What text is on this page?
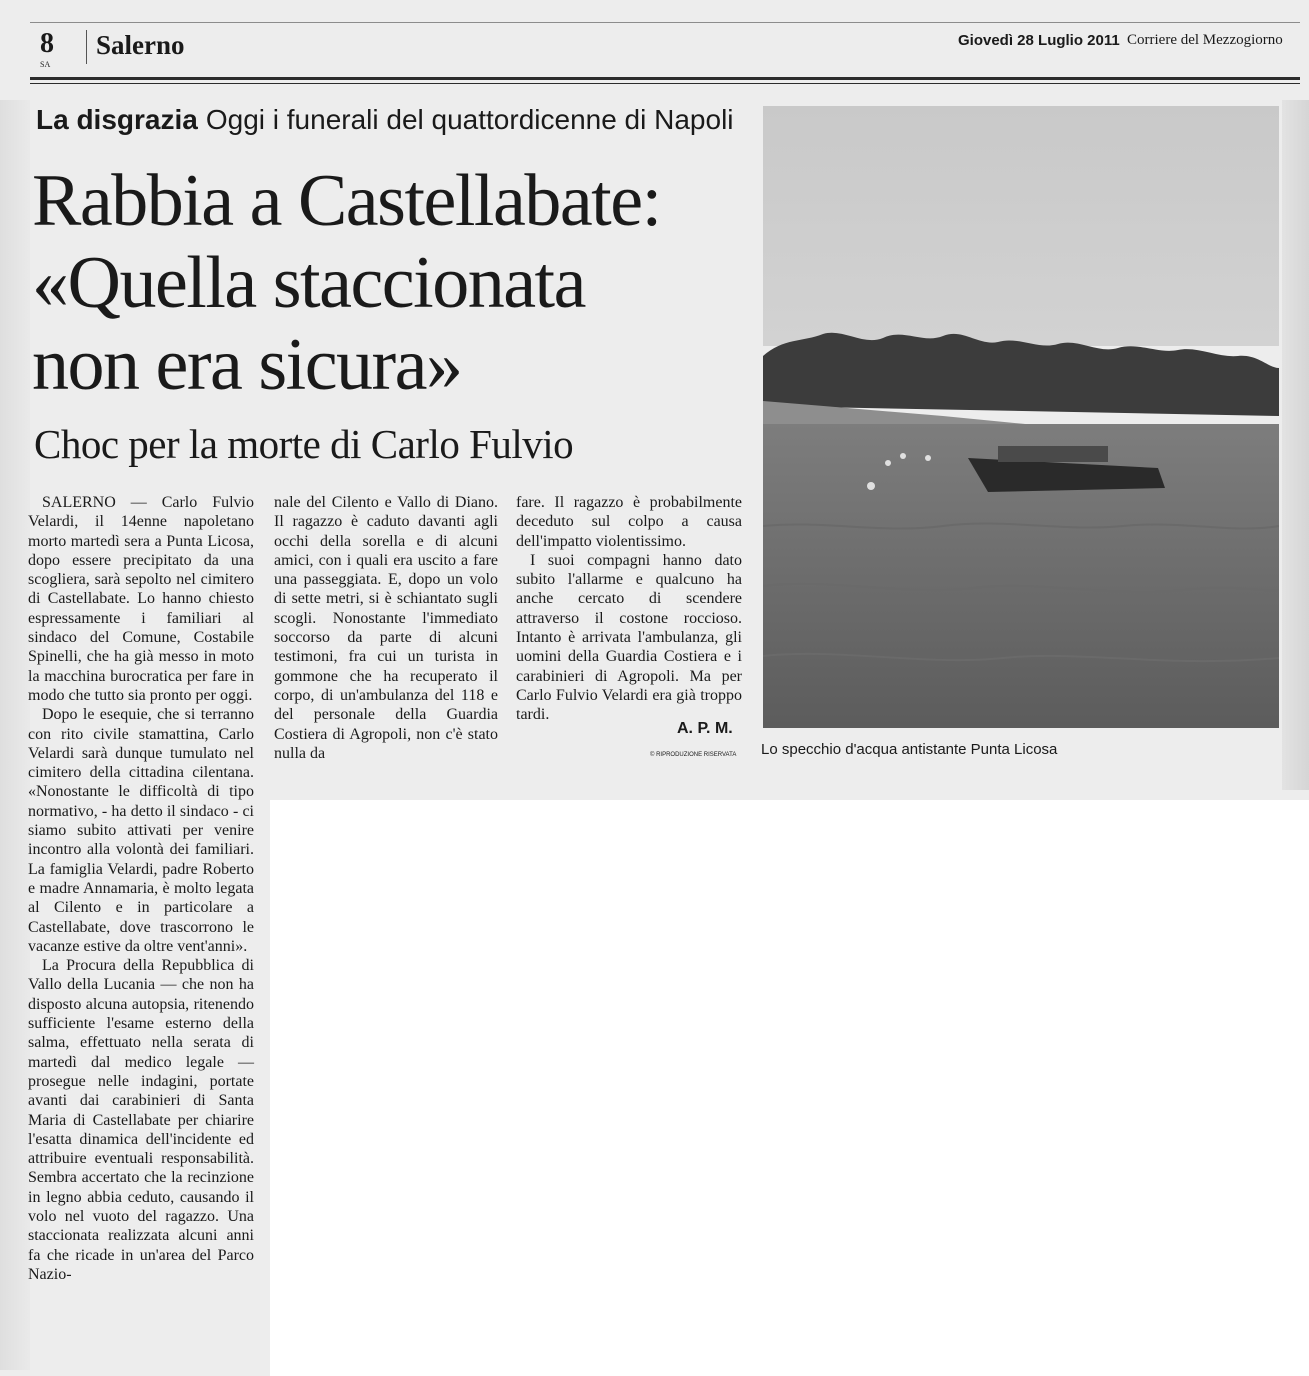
8
SA
Salerno	Giovedì 28 Luglio 2011 Corriere del Mezzogiorno
La disgrazia Oggi i funerali del quattordicenne di Napoli
Rabbia a Castellabate:
«Quella staccionata
non era sicura»
Choc per la morte di Carlo Fulvio

SALERNO — Carlo Fulvio Velardi, il 14enne napoletano morto martedì sera a Punta Licosa, dopo essere precipitato da una scogliera, sarà sepolto nel cimitero di Castellabate. Lo hanno chiesto espressamente i familiari al sindaco del Comune, Costabile Spinelli, che ha già messo in moto la macchina burocratica per fare in modo che tutto sia pronto per oggi.

Dopo le esequie, che si terranno con rito civile stamattina, Carlo Velardi sarà dunque tumulato nel cimitero della cittadina cilentana. «Nonostante le difficoltà di tipo normativo, - ha detto il sindaco - ci siamo subito attivati per venire incontro alla volontà dei familiari. La famiglia Velardi, padre Roberto e madre Annamaria, è molto legata al Cilento e in particolare a Castellabate, dove trascorrono le vacanze estive da oltre vent'anni».

La Procura della Repubblica di Vallo della Lucania — che non ha disposto alcuna autopsia, ritenendo sufficiente l'esame esterno della salma, effettuato nella serata di martedì dal medico legale — prosegue nelle indagini, portate avanti dai carabinieri di Santa Maria di Castellabate per chiarire l'esatta dinamica dell'incidente ed attribuire eventuali responsabilità. Sembra accertato che la recinzione in legno abbia ceduto, causando il volo nel vuoto del ragazzo. Una staccionata realizzata alcuni anni fa che ricade in un'area del Parco Nazio-

nale del Cilento e Vallo di Diano. Il ragazzo è caduto davanti agli occhi della sorella e di alcuni amici, con i quali era uscito a fare una passeggiata. E, dopo un volo di sette metri, si è schiantato sugli scogli. Nonostante l'immediato soccorso da parte di alcuni testimoni, fra cui un turista in gommone che ha recuperato il corpo, di un'ambulanza del 118 e del personale della Guardia Costiera di Agropoli, non c'è stato nulla da

fare. Il ragazzo è probabilmente deceduto sul colpo a causa dell'impatto violentissimo.

I suoi compagni hanno dato subito l'allarme e qualcuno ha anche cercato di scendere attraverso il costone roccioso. Intanto è arrivata l'ambulanza, gli uomini della Guardia Costiera e i carabinieri di Agropoli. Ma per Carlo Fulvio Velardi era già troppo tardi.

A. P. M.
© RIPRODUZIONE RISERVATA Lo specchio d'acqua antistante Punta Licosa
